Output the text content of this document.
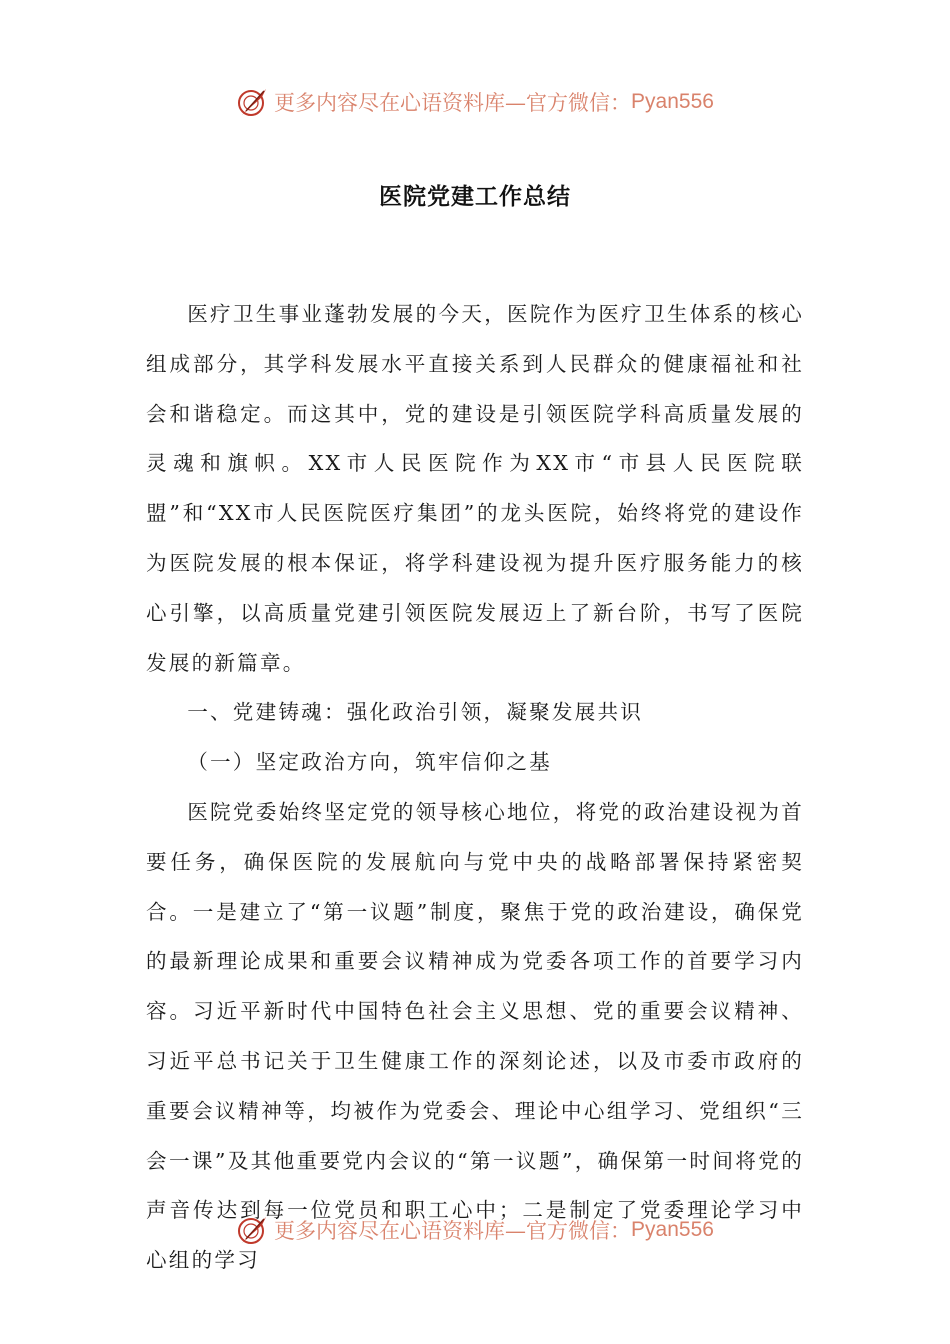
更多内容尽在心语资料库—官方微信： Pyan556
医院党建工作总结

医疗卫生事业蓬勃发展的今天，医院作为医疗卫生体系的核心组成部分，其学科发展水平直接关系到人民群众的健康福祉和社会和谐稳定。而这其中，党的建设是引领医院学科高质量发展的灵魂和旗帜。XX市人民医院作为XX市“市县人民医院联盟”和“XX市人民医院医疗集团”的龙头医院，始终将党的建设作为医院发展的根本保证，将学科建设视为提升医疗服务能力的核心引擎，以高质量党建引领医院发展迈上了新台阶，书写了医院发展的新篇章。

一、党建铸魂：强化政治引领，凝聚发展共识

（一）坚定政治方向，筑牢信仰之基

医院党委始终坚定党的领导核心地位，将党的政治建设视为首要任务，确保医院的发展航向与党中央的战略部署保持紧密契合。一是建立了“第一议题”制度，聚焦于党的政治建设，确保党的最新理论成果和重要会议精神成为党委各项工作的首要学习内容。习近平新时代中国特色社会主义思想、党的重要会议精神、习近平总书记关于卫生健康工作的深刻论述，以及市委市政府的重要会议精神等，均被作为党委会、理论中心组学习、党组织“三会一课”及其他重要党内会议的“第一议题”，确保第一时间将党的声音传达到每一位党员和职工心中；二是制定了党委理论学习中心组的学习

更多内容尽在心语资料库—官方微信： Pyan556
